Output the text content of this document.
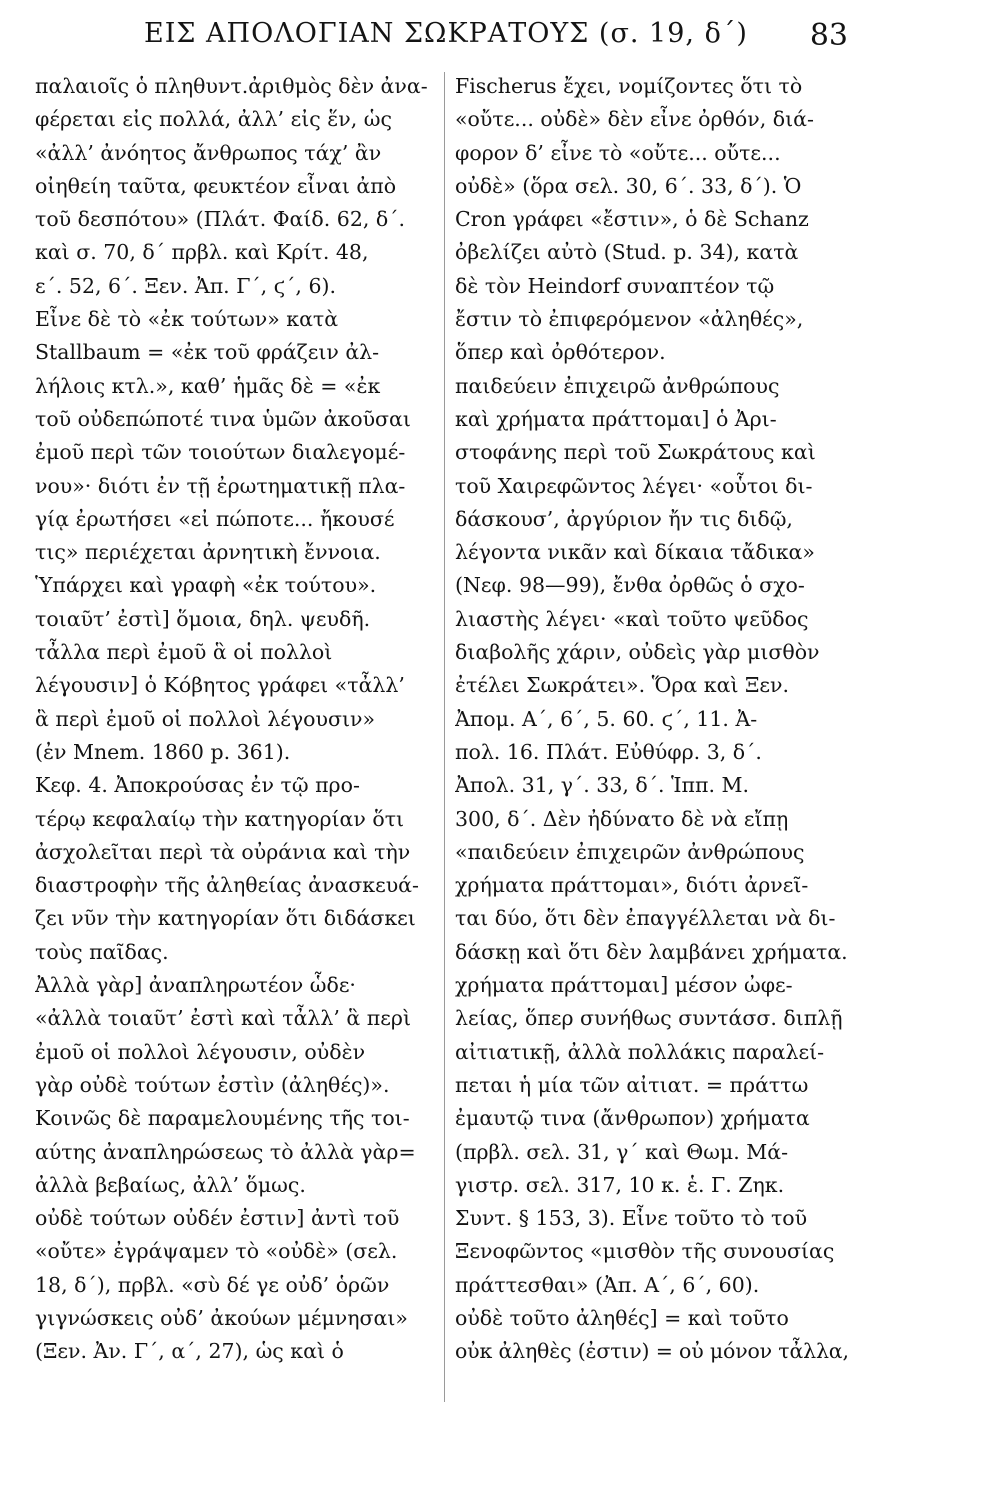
ΕΙΣ ΑΠΟΛΟΓΙΑΝ ΣΩΚΡΑΤΟΥΣ (σ. 19, δ΄) 83
παλαιοῖς ὁ πληθυντ.ἀριθμὸς δὲν ἀνα-
φέρεται εἰς πολλά, ἀλλ’ εἰς ἕν, ὡς
«ἀλλ’ ἀνόητος ἄνθρωπος τάχ’ ἂν
οἰηθείη ταῦτα, φευκτέον εἶναι ἀπὸ
τοῦ δεσπότου» (Πλάτ. Φαίδ. 62, δ΄.
καὶ σ. 70, δ΄ πρβλ. καὶ Κρίτ. 48,
ε΄. 52, 6΄. Ξεν. Ἀπ. Γ΄, ϛ΄, 6).
Εἶνε δὲ τὸ «ἐκ τούτων» κατὰ
Stallbaum = «ἐκ τοῦ φράζειν ἀλ-
λήλοις κτλ.», καθ’ ἡμᾶς δὲ = «ἐκ
τοῦ οὐδεπώποτέ τινα ὑμῶν ἀκοῦσαι
ἐμοῦ περὶ τῶν τοιούτων διαλεγομέ-
νου»· διότι ἐν τῇ ἐρωτηματικῇ πλα-
γίᾳ ἐρωτήσει «εἰ πώποτε... ἤκουσέ
τις» περιέχεται ἀρνητικὴ ἔννοια.
Ὑπάρχει καὶ γραφὴ «ἐκ τούτου».
τοιαῦτ’ ἐστὶ] ὅμοια, δηλ. ψευδῆ.
τἆλλα περὶ ἐμοῦ ἃ οἱ πολλοὶ
λέγουσιν] ὁ Κόβητος γράφει «τἆλλ’
ἃ περὶ ἐμοῦ οἱ πολλοὶ λέγουσιν»
(ἐν Mnem. 1860 p. 361).
Κεφ. 4. Ἀποκρούσας ἐν τῷ προ-
τέρῳ κεφαλαίῳ τὴν κατηγορίαν ὅτι
ἀσχολεῖται περὶ τὰ οὐράνια καὶ τὴν
διαστροφὴν τῆς ἀληθείας ἀνασκευά-
ζει νῦν τὴν κατηγορίαν ὅτι διδάσκει
τοὺς παῖδας.
Ἀλλὰ γὰρ] ἀναπληρωτέον ὧδε·
«ἀλλὰ τοιαῦτ’ ἐστὶ καὶ τἆλλ’ ἃ περὶ
ἐμοῦ οἱ πολλοὶ λέγουσιν, οὐδὲν
γὰρ οὐδὲ τούτων ἐστὶν (ἀληθές)».
Κοινῶς δὲ παραμελουμένης τῆς τοι-
αύτης ἀναπληρώσεως τὸ ἀλλὰ γὰρ=
ἀλλὰ βεβαίως, ἀλλ’ ὅμως.
οὐδὲ τούτων οὐδέν ἐστιν] ἀντὶ τοῦ
«οὔτε» ἐγράψαμεν τὸ «οὐδὲ» (σελ.
18, δ΄), πρβλ. «σὺ δέ γε οὐδ’ ὁρῶν
γιγνώσκεις οὐδ’ ἀκούων μέμνησαι»
(Ξεν. Ἀν. Γ΄, α΄, 27), ὡς καὶ ὁ
Fischerus ἔχει, νομίζοντες ὅτι τὸ
«οὔτε... οὐδὲ» δὲν εἶνε ὀρθόν, διά-
φορον δ’ εἶνε τὸ «οὔτε... οὔτε...
οὐδὲ» (ὅρα σελ. 30, 6΄. 33, δ΄). Ὁ
Cron γράφει «ἔστιν», ὁ δὲ Schanz
ὀβελίζει αὐτὸ (Stud. p. 34), κατὰ
δὲ τὸν Heindorf συναπτέον τῷ
ἔστιν τὸ ἐπιφερόμενον «ἀληθές»,
ὅπερ καὶ ὀρθότερον.
παιδεύειν ἐπιχειρῶ ἀνθρώπους
καὶ χρήματα πράττομαι] ὁ Ἀρι-
στοφάνης περὶ τοῦ Σωκράτους καὶ
τοῦ Χαιρεφῶντος λέγει· «οὗτοι δι-
δάσκουσ’, ἀργύριον ἤν τις διδῷ,
λέγοντα νικᾶν καὶ δίκαια τἄδικα»
(Νεφ. 98—99), ἔνθα ὀρθῶς ὁ σχο-
λιαστὴς λέγει· «καὶ τοῦτο ψεῦδος
διαβολῆς χάριν, οὐδεὶς γὰρ μισθὸν
ἐτέλει Σωκράτει». Ὅρα καὶ Ξεν.
Ἀπομ. Α΄, 6΄, 5. 60. ϛ΄, 11. Ἀ-
πολ. 16. Πλάτ. Εὐθύφρ. 3, δ΄.
Ἀπολ. 31, γ΄. 33, δ΄. Ἱππ. Μ.
300, δ΄. Δὲν ἠδύνατο δὲ νὰ εἴπῃ
«παιδεύειν ἐπιχειρῶν ἀνθρώπους
χρήματα πράττομαι», διότι ἀρνεῖ-
ται δύο, ὅτι δὲν ἐπαγγέλλεται νὰ δι-
δάσκῃ καὶ ὅτι δὲν λαμβάνει χρήματα.
χρήματα πράττομαι] μέσον ὠφε-
λείας, ὅπερ συνήθως συντάσσ. διπλῇ
αἰτιατικῇ, ἀλλὰ πολλάκις παραλεί-
πεται ἡ μία τῶν αἰτιατ. = πράττω
ἐμαυτῷ τινα (ἄνθρωπον) χρήματα
(πρβλ. σελ. 31, γ΄ καὶ Θωμ. Μά-
γιστρ. σελ. 317, 10 κ. ἑ. Γ. Ζηκ.
Συντ. § 153, 3). Εἶνε τοῦτο τὸ τοῦ
Ξενοφῶντος «μισθὸν τῆς συνουσίας
πράττεσθαι» (Ἀπ. Α΄, 6΄, 60).
οὐδὲ τοῦτο ἀληθές] = καὶ τοῦτο
οὐκ ἀληθὲς (ἐστιν) = οὐ μόνον τἆλλα,
